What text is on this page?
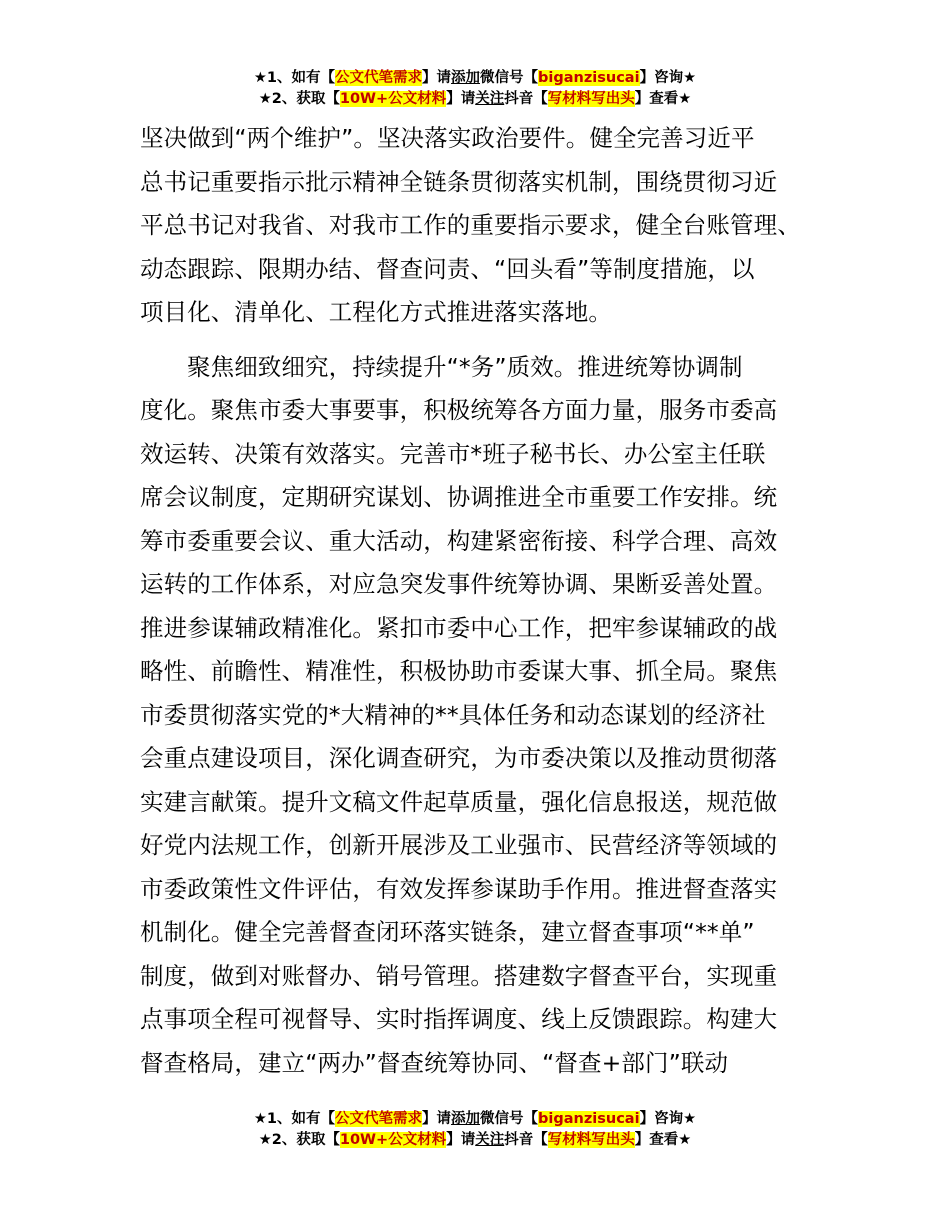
★1、如有【公文代笔需求】请添加微信号【biganzisucai】咨询★
★2、获取【10W+公文材料】请关注抖音【写材料写出头】查看★

坚决做到“两个维护”。坚决落实政治要件。健全完善习近平
总书记重要指示批示精神全链条贯彻落实机制，围绕贯彻习近
平总书记对我省、对我市工作的重要指示要求，健全台账管理、
动态跟踪、限期办结、督查问责、“回头看”等制度措施，以
项目化、清单化、工程化方式推进落实落地。

聚焦细致细究，持续提升“*务”质效。推进统筹协调制
度化。聚焦市委大事要事，积极统筹各方面力量，服务市委高
效运转、决策有效落实。完善市*班子秘书长、办公室主任联
席会议制度，定期研究谋划、协调推进全市重要工作安排。统
筹市委重要会议、重大活动，构建紧密衔接、科学合理、高效
运转的工作体系，对应急突发事件统筹协调、果断妥善处置。
推进参谋辅政精准化。紧扣市委中心工作，把牢参谋辅政的战
略性、前瞻性、精准性，积极协助市委谋大事、抓全局。聚焦
市委贯彻落实党的*大精神的**具体任务和动态谋划的经济社
会重点建设项目，深化调查研究，为市委决策以及推动贯彻落
实建言献策。提升文稿文件起草质量，强化信息报送，规范做
好党内法规工作，创新开展涉及工业强市、民营经济等领域的
市委政策性文件评估，有效发挥参谋助手作用。推进督查落实
机制化。健全完善督查闭环落实链条，建立督查事项“**单”
制度，做到对账督办、销号管理。搭建数字督查平台，实现重
点事项全程可视督导、实时指挥调度、线上反馈跟踪。构建大
督查格局，建立“两办”督查统筹协同、“督查+部门”联动

★1、如有【公文代笔需求】请添加微信号【biganzisucai】咨询★
★2、获取【10W+公文材料】请关注抖音【写材料写出头】查看★
